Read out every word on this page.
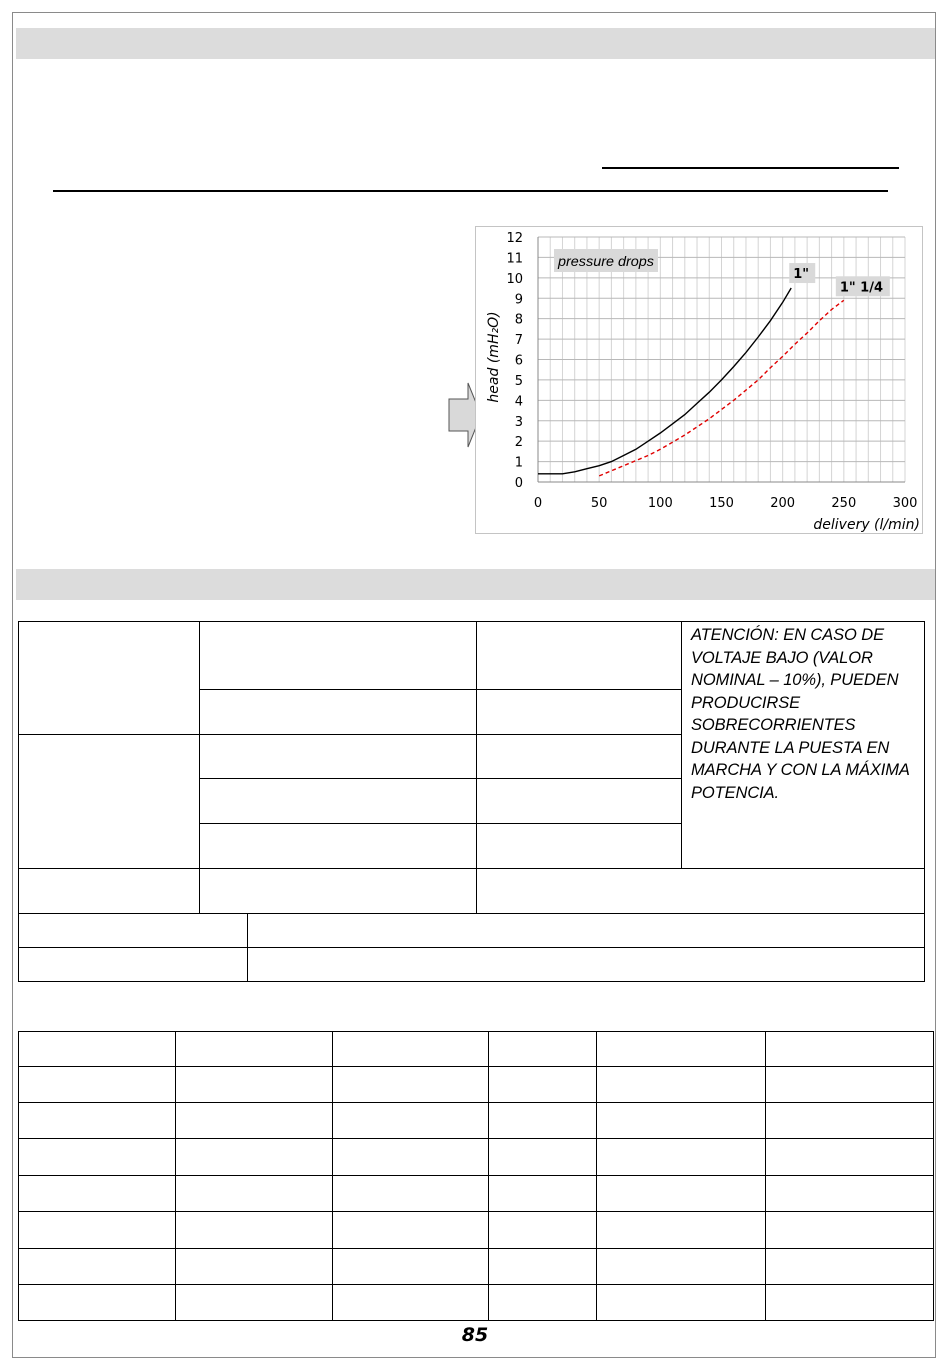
0
1
2
3
4
5
6
7
8
9
10
11
12
0	50	100	150	200	250	300
pressure drops
head (mH₂O)
delivery (l/min)
1"
1" 1/4

			ATENCIÓN: EN CASO DE VOLTAJE BAJO (VALOR NOMINAL – 10%), PUEDEN PRODUCIRSE SOBRECORRIENTES DURANTE LA PUESTA EN MARCHA Y CON LA MÁXIMA POTENCIA.

85
